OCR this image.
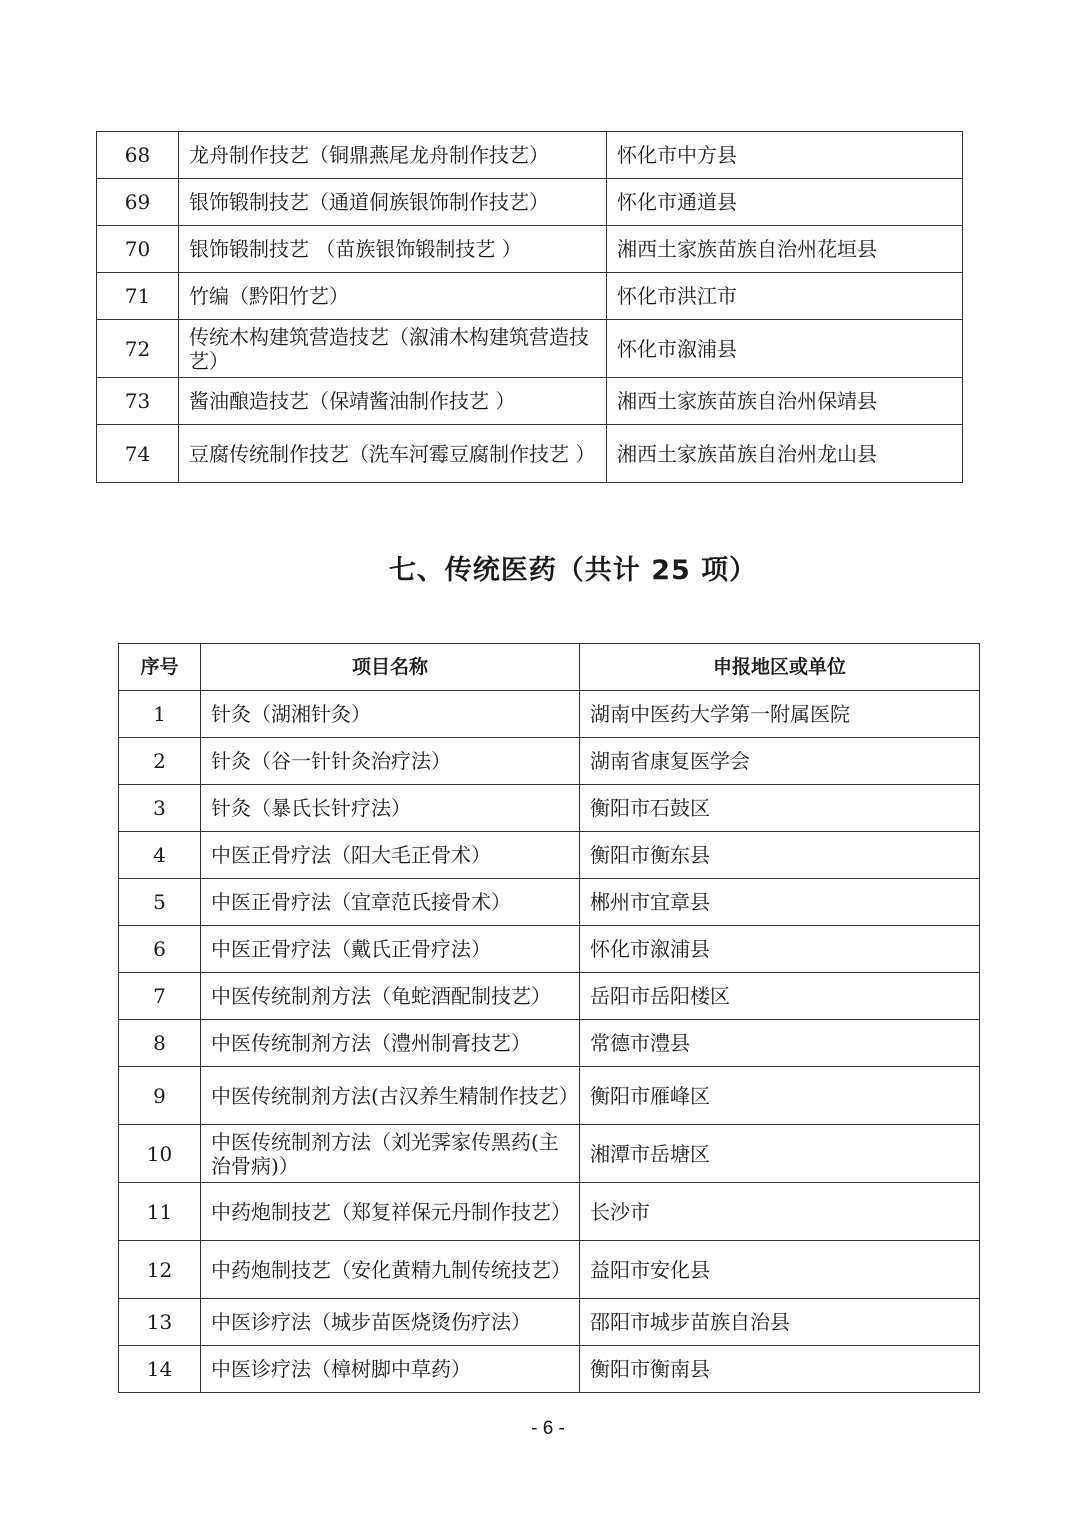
68	龙舟制作技艺（铜鼎燕尾龙舟制作技艺）	怀化市中方县
69	银饰锻制技艺（通道侗族银饰制作技艺）	怀化市通道县
70	银饰锻制技艺 （苗族银饰锻制技艺 ）	湘西土家族苗族自治州花垣县
71	竹编（黔阳竹艺）	怀化市洪江市
72	传统木构建筑营造技艺（溆浦木构建筑营造技艺）	怀化市溆浦县
73	酱油酿造技艺（保靖酱油制作技艺 ）	湘西土家族苗族自治州保靖县
74	豆腐传统制作技艺（洗车河霉豆腐制作技艺 ）	湘西土家族苗族自治州龙山县
七、传统医药（共计 25 项）
序号	项目名称	申报地区或单位
1	针灸（湖湘针灸）	湖南中医药大学第一附属医院
2	针灸（谷一针针灸治疗法）	湖南省康复医学会
3	针灸（暴氏长针疗法）	衡阳市石鼓区
4	中医正骨疗法（阳大毛正骨术）	衡阳市衡东县
5	中医正骨疗法（宜章范氏接骨术）	郴州市宜章县
6	中医正骨疗法（戴氏正骨疗法）	怀化市溆浦县
7	中医传统制剂方法（龟蛇酒配制技艺）	岳阳市岳阳楼区
8	中医传统制剂方法（澧州制膏技艺）	常德市澧县
9	中医传统制剂方法(古汉养生精制作技艺）	衡阳市雁峰区
10	中医传统制剂方法（刘光霁家传黑药(主治骨病)）	湘潭市岳塘区
11	中药炮制技艺（郑复祥保元丹制作技艺）	长沙市
12	中药炮制技艺（安化黄精九制传统技艺）	益阳市安化县
13	中医诊疗法（城步苗医烧烫伤疗法）	邵阳市城步苗族自治县
14	中医诊疗法（樟树脚中草药）	衡阳市衡南县
- 6 -
